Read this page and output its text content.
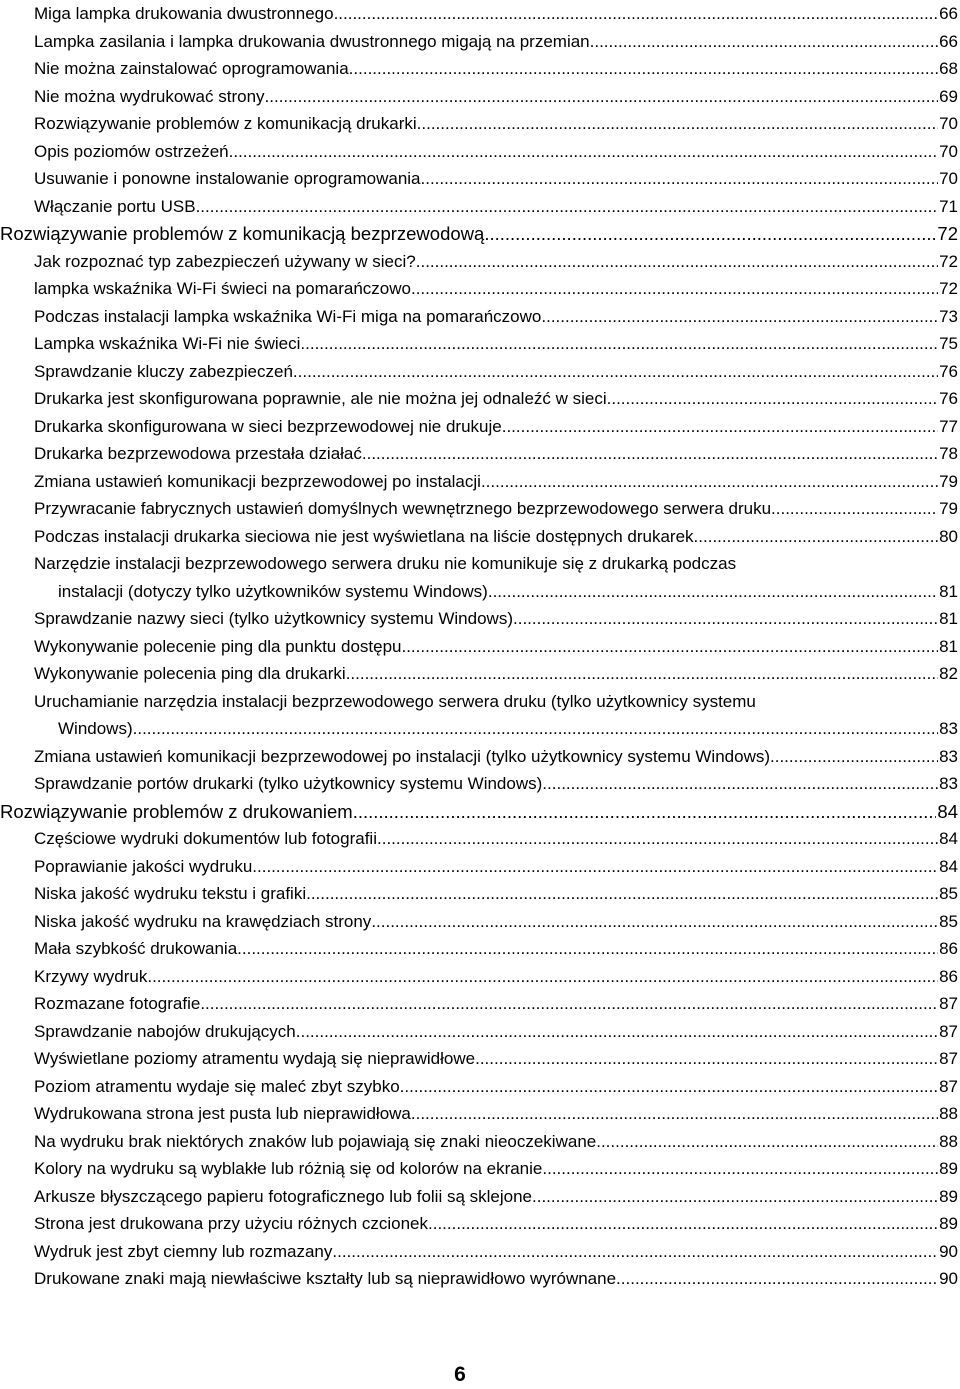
Miga lampka drukowania dwustronnego .....	66
Lampka zasilania i lampka drukowania dwustronnego migają na przemian .....	66
Nie można zainstalować oprogramowania .....	68
Nie można wydrukować strony .....	69
Rozwiązywanie problemów z komunikacją drukarki .....	70
Opis poziomów ostrzeżeń .....	70
Usuwanie i ponowne instalowanie oprogramowania .....	70
Włączanie portu USB .....	71
Rozwiązywanie problemów z komunikacją bezprzewodową .....	72
Jak rozpoznać typ zabezpieczeń używany w sieci? .....	72
lampka wskaźnika Wi-Fi świeci na pomarańczowo .....	72
Podczas instalacji lampka wskaźnika Wi-Fi miga na pomarańczowo .....	73
Lampka wskaźnika Wi-Fi nie świeci .....	75
Sprawdzanie kluczy zabezpieczeń .....	76
Drukarka jest skonfigurowana poprawnie, ale nie można jej odnaleźć w sieci .....	76
Drukarka skonfigurowana w sieci bezprzewodowej nie drukuje .....	77
Drukarka bezprzewodowa przestała działać .....	78
Zmiana ustawień komunikacji bezprzewodowej po instalacji .....	79
Przywracanie fabrycznych ustawień domyślnych wewnętrznego bezprzewodowego serwera druku .....	79
Podczas instalacji drukarka sieciowa nie jest wyświetlana na liście dostępnych drukarek .....	80
Narzędzie instalacji bezprzewodowego serwera druku nie komunikuje się z drukarką podczas
instalacji (dotyczy tylko użytkowników systemu Windows) .....	81
Sprawdzanie nazwy sieci (tylko użytkownicy systemu Windows) .....	81
Wykonywanie polecenie ping dla punktu dostępu .....	81
Wykonywanie polecenia ping dla drukarki .....	82
Uruchamianie narzędzia instalacji bezprzewodowego serwera druku (tylko użytkownicy systemu
Windows) .....	83
Zmiana ustawień komunikacji bezprzewodowej po instalacji (tylko użytkownicy systemu Windows) .....	83
Sprawdzanie portów drukarki (tylko użytkownicy systemu Windows) .....	83
Rozwiązywanie problemów z drukowaniem .....	84
Częściowe wydruki dokumentów lub fotografii .....	84
Poprawianie jakości wydruku .....	84
Niska jakość wydruku tekstu i grafiki .....	85
Niska jakość wydruku na krawędziach strony .....	85
Mała szybkość drukowania .....	86
Krzywy wydruk .....	86
Rozmazane fotografie .....	87
Sprawdzanie nabojów drukujących .....	87
Wyświetlane poziomy atramentu wydają się nieprawidłowe .....	87
Poziom atramentu wydaje się maleć zbyt szybko. .....	87
Wydrukowana strona jest pusta lub nieprawidłowa .....	88
Na wydruku brak niektórych znaków lub pojawiają się znaki nieoczekiwane .....	88
Kolory na wydruku są wyblakłe lub różnią się od kolorów na ekranie .....	89
Arkusze błyszczącego papieru fotograficznego lub folii są sklejone .....	89
Strona jest drukowana przy użyciu różnych czcionek .....	89
Wydruk jest zbyt ciemny lub rozmazany .....	90
Drukowane znaki mają niewłaściwe kształty lub są nieprawidłowo wyrównane .....	90
6
